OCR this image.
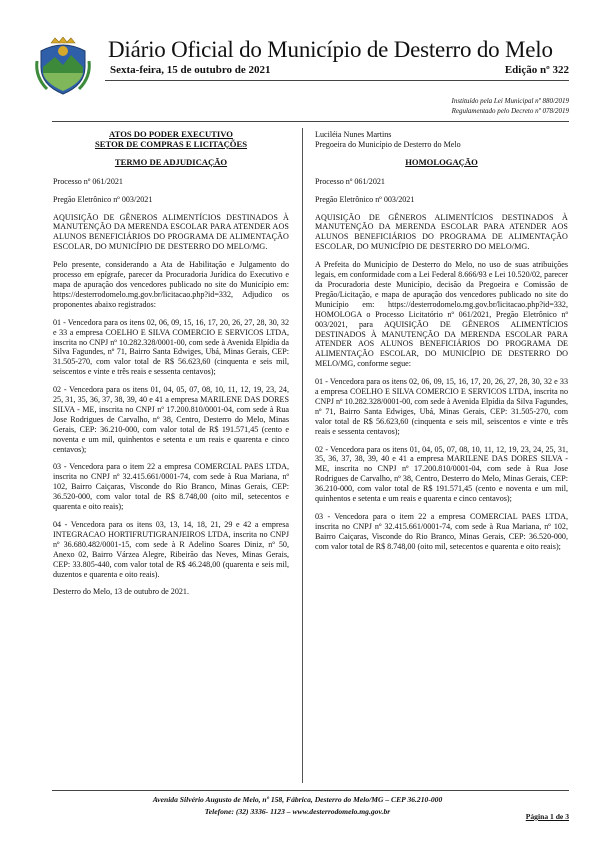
Diário Oficial do Município de Desterro do Melo
Sexta-feira, 15 de outubro de 2021	Edição nº 322
Instituído pela Lei Municipal nº 880/2019
Regulamentado pelo Decreto nº 078/2019
ATOS DO PODER EXECUTIVO
SETOR DE COMPRAS E LICITAÇÕES
TERMO DE ADJUDICAÇÃO

Processo nº 061/2021

Pregão Eletrônico nº 003/2021

AQUISIÇÃO DE GÊNEROS ALIMENTÍCIOS DESTINADOS À MANUTENÇÃO DA MERENDA ESCOLAR PARA ATENDER AOS ALUNOS BENEFICIÁRIOS DO PROGRAMA DE ALIMENTAÇÃO ESCOLAR, DO MUNICÍPIO DE DESTERRO DO MELO/MG.

Pelo presente, considerando a Ata de Habilitação e Julgamento do processo em epígrafe, parecer da Procuradoria Jurídica do Executivo e mapa de apuração dos vencedores publicado no site do Município em: https://desterrodomelo.mg.gov.br/licitacao.php?id=332, Adjudico os proponentes abaixo registrados:

01 - Vencedora para os itens 02, 06, 09, 15, 16, 17, 20, 26, 27, 28, 30, 32 e 33 a empresa COELHO E SILVA COMERCIO E SERVICOS LTDA, inscrita no CNPJ nº 10.282.328/0001-00, com sede à Avenida Elpídia da Silva Fagundes, nº 71, Bairro Santa Edwiges, Ubá, Minas Gerais, CEP: 31.505-270, com valor total de R$ 56.623,60 (cinquenta e seis mil, seiscentos e vinte e três reais e sessenta centavos);

02 - Vencedora para os itens 01, 04, 05, 07, 08, 10, 11, 12, 19, 23, 24, 25, 31, 35, 36, 37, 38, 39, 40 e 41 a empresa MARILENE DAS DORES SILVA - ME, inscrita no CNPJ nº 17.200.810/0001-04, com sede à Rua Jose Rodrigues de Carvalho, nº 38, Centro, Desterro do Melo, Minas Gerais, CEP: 36.210-000, com valor total de R$ 191.571,45 (cento e noventa e um mil, quinhentos e setenta e um reais e quarenta e cinco centavos);

03 - Vencedora para o item 22 a empresa COMERCIAL PAES LTDA, inscrita no CNPJ nº 32.415.661/0001-74, com sede à Rua Mariana, nº 102, Bairro Caiçaras, Visconde do Rio Branco, Minas Gerais, CEP: 36.520-000, com valor total de R$ 8.748,00 (oito mil, setecentos e quarenta e oito reais);

04 - Vencedora para os itens 03, 13, 14, 18, 21, 29 e 42 a empresa INTEGRACAO HORTIFRUTIGRANJEIROS LTDA, inscrita no CNPJ nº 36.680.482/0001-15, com sede à R Adelino Soares Diniz, nº 50, Anexo 02, Bairro Várzea Alegre, Ribeirão das Neves, Minas Gerais, CEP: 33.805-440, com valor total de R$ 46.248,00 (quarenta e seis mil, duzentos e quarenta e oito reais).

Desterro do Melo, 13 de outubro de 2021.

Luciléia Nunes Martins
Pregoeira do Município de Desterro do Melo
HOMOLOGAÇÃO

Processo nº 061/2021

Pregão Eletrônico nº 003/2021

AQUISIÇÃO DE GÊNEROS ALIMENTÍCIOS DESTINADOS À MANUTENÇÃO DA MERENDA ESCOLAR PARA ATENDER AOS ALUNOS BENEFICIÁRIOS DO PROGRAMA DE ALIMENTAÇÃO ESCOLAR, DO MUNICÍPIO DE DESTERRO DO MELO/MG.

A Prefeita do Município de Desterro do Melo, no uso de suas atribuições legais, em conformidade com a Lei Federal 8.666/93 e Lei 10.520/02, parecer da Procuradoria deste Município, decisão da Pregoeira e Comissão de Pregão/Licitação, e mapa de apuração dos vencedores publicado no site do Município em: https://desterrodomelo.mg.gov.br/licitacao.php?id=332, HOMOLOGA o Processo Licitatório nº 061/2021, Pregão Eletrônico nº 003/2021, para AQUISIÇÃO DE GÊNEROS ALIMENTÍCIOS DESTINADOS À MANUTENÇÃO DA MERENDA ESCOLAR PARA ATENDER AOS ALUNOS BENEFICIÁRIOS DO PROGRAMA DE ALIMENTAÇÃO ESCOLAR, DO MUNICÍPIO DE DESTERRO DO MELO/MG, conforme segue:

01 - Vencedora para os itens 02, 06, 09, 15, 16, 17, 20, 26, 27, 28, 30, 32 e 33 a empresa COELHO E SILVA COMERCIO E SERVICOS LTDA, inscrita no CNPJ nº 10.282.328/0001-00, com sede à Avenida Elpídia da Silva Fagundes, nº 71, Bairro Santa Edwiges, Ubá, Minas Gerais, CEP: 31.505-270, com valor total de R$ 56.623,60 (cinquenta e seis mil, seiscentos e vinte e três reais e sessenta centavos);

02 - Vencedora para os itens 01, 04, 05, 07, 08, 10, 11, 12, 19, 23, 24, 25, 31, 35, 36, 37, 38, 39, 40 e 41 a empresa MARILENE DAS DORES SILVA - ME, inscrita no CNPJ nº 17.200.810/0001-04, com sede à Rua Jose Rodrigues de Carvalho, nº 38, Centro, Desterro do Melo, Minas Gerais, CEP: 36.210-000, com valor total de R$ 191.571,45 (cento e noventa e um mil, quinhentos e setenta e um reais e quarenta e cinco centavos);

03 - Vencedora para o item 22 a empresa COMERCIAL PAES LTDA, inscrita no CNPJ nº 32.415.661/0001-74, com sede à Rua Mariana, nº 102, Bairro Caiçaras, Visconde do Rio Branco, Minas Gerais, CEP: 36.520-000, com valor total de R$ 8.748,00 (oito mil, setecentos e quarenta e oito reais);

Avenida Silvério Augusto de Melo, nº 158, Fábrica, Desterro do Melo/MG – CEP 36.210-000
Telefone: (32) 3336- 1123 – www.desterrodomelo.mg.gov.br
Página 1 de 3
